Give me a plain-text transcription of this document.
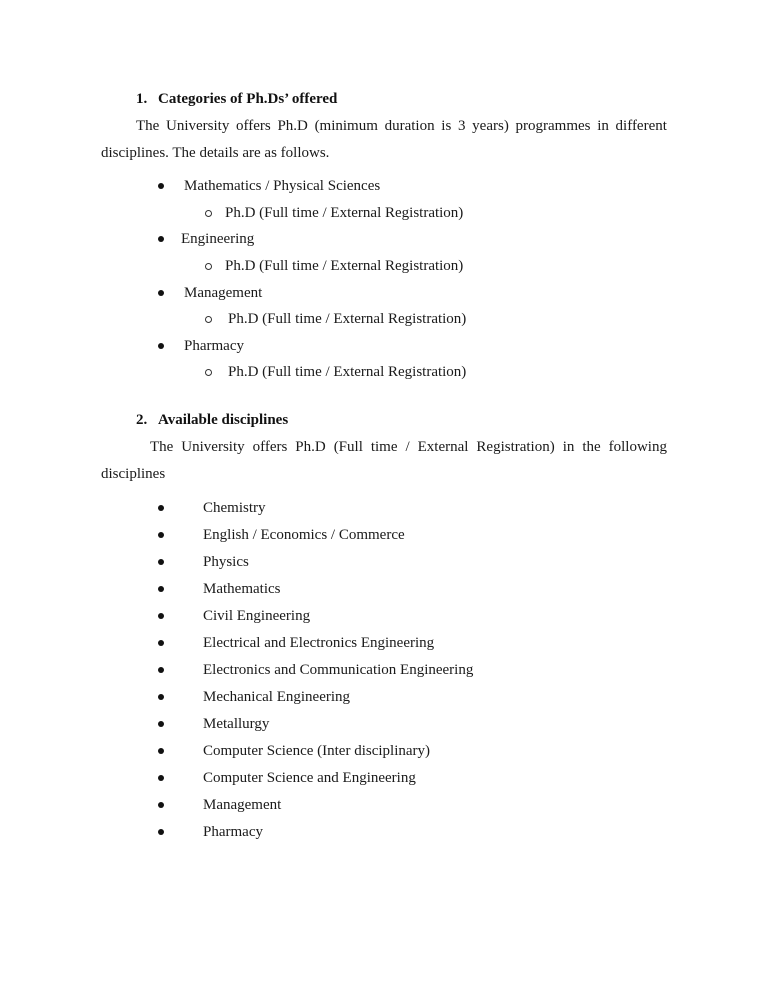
1. Categories of Ph.Ds’ offered
The University offers Ph.D (minimum duration is 3 years) programmes in different
disciplines. The details are as follows.
Mathematics / Physical Sciences
Ph.D (Full time / External Registration)
Engineering
Ph.D (Full time / External Registration)
Management
Ph.D (Full time / External Registration)
Pharmacy
Ph.D (Full time / External Registration)
2. Available disciplines
The University offers Ph.D (Full time / External Registration) in the following
disciplines
Chemistry
English / Economics / Commerce
Physics
Mathematics
Civil Engineering
Electrical and Electronics Engineering
Electronics and Communication Engineering
Mechanical Engineering
Metallurgy
Computer Science (Inter disciplinary)
Computer Science and Engineering
Management
Pharmacy
